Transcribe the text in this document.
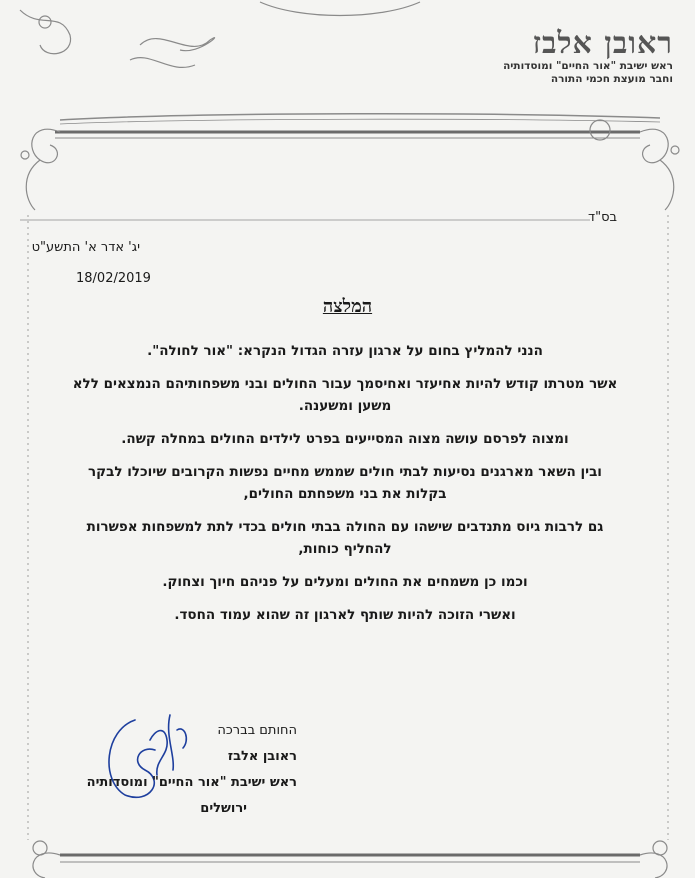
ראובן אלבז
ראש ישיבת "אור החיים" ומוסדותיה
וחבר מועצת חכמי התורה
בס"ד
יג' אדר א' התשע"ט
18/02/2019
המלצה

הנני להמליץ בחום על ארגון עזרה הגדול הנקרא: "אור לחולה".

אשר מטרתו קודש להיות אחיעזר ואחיסמך עבור החולים ובני משפחותיהם הנמצאים ללא משען ומשענה.

ומצוה לפרסם עושה מצוה המסייעים בפרט לילדים החולים במחלה קשה.

ובין השאר מארגנים נסיעות לבתי חולים שממש מחיים נפשות הקרובים שיוכלו לבקר בקלות את בני משפחתם החולים,

גם לרבות גיוס מתנדבים שישהו עם החולה בבתי חולים בכדי לתת למשפחות אפשרות להחליף כוחות,

וכמו כן משמחים את החולים ומעלים על פניהם חיוך וצחוק.

ואשרי הזוכה להיות שותף לארגון זה שהוא עמוד החסד.

החותם בברכה
ראובן אלבז
ראש ישיבת "אור החיים" ומוסדותיה
ירושלים
